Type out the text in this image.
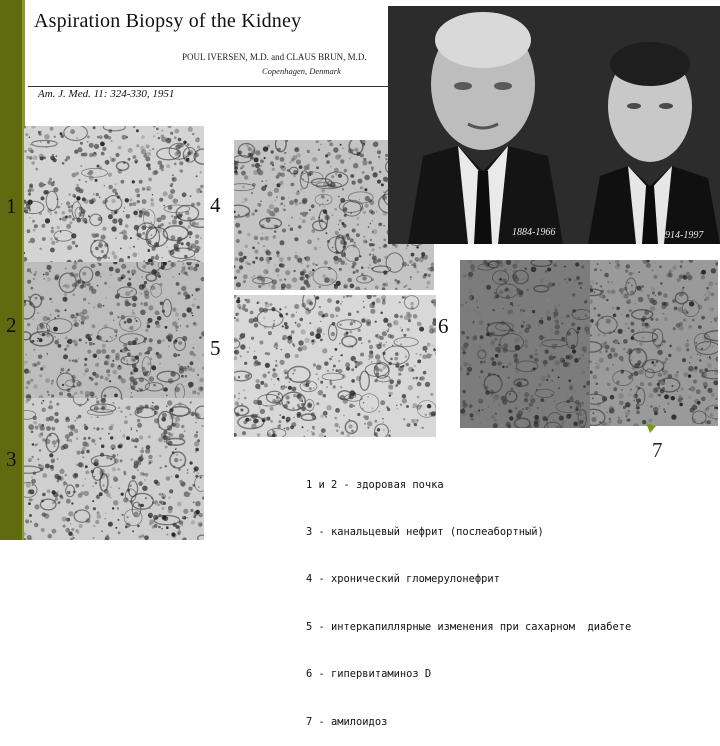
Aspiration Biopsy of the Kidney
POUL IVERSEN, M.D. and CLAUS BRUN, M.D.
Copenhagen, Denmark
Am. J. Med. 11: 324-330, 1951
1884-1966	1914-1997
1
2
3
4
5
6
7

1 и 2 - здоровая почка

3 - канальцевый нефрит (послеабортный)

4 - хронический гломерулонефрит

5 - интеркапиллярные изменения при сахарном  диабете

6 - гипервитаминоз D

7 - амилоидоз
